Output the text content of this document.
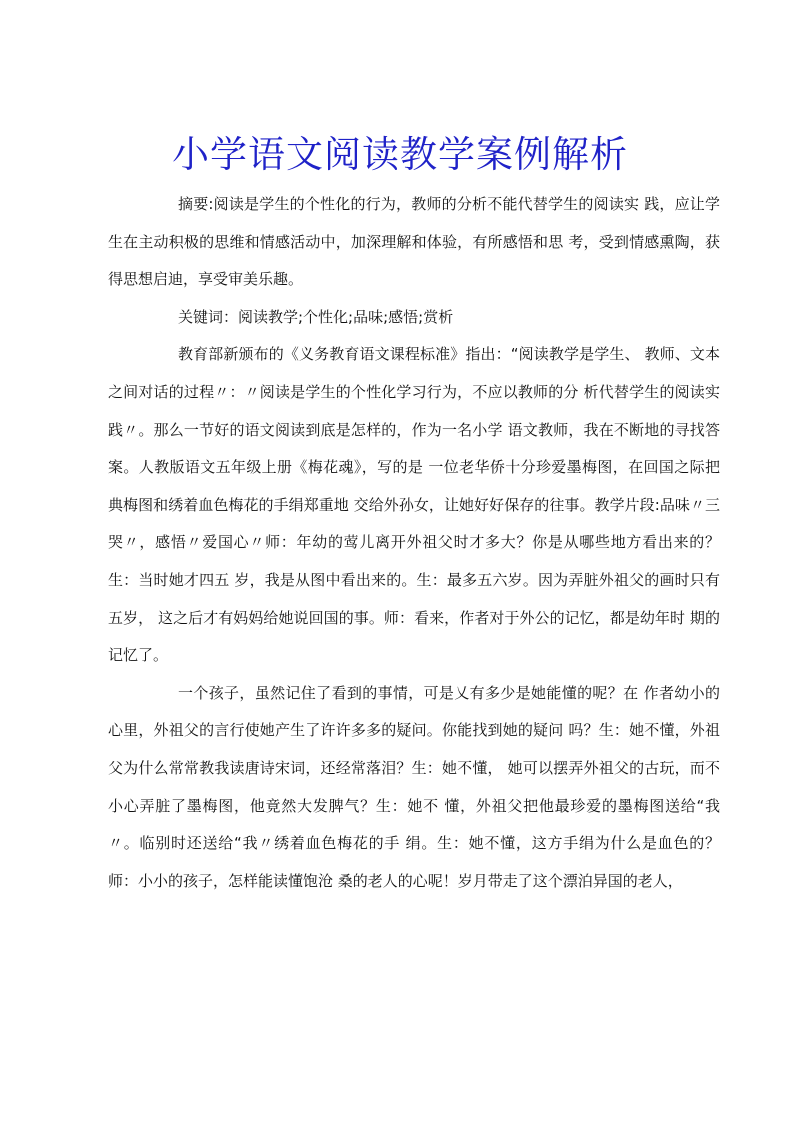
小学语文阅读教学案例解析

摘要:阅读是学生的个性化的行为，教师的分析不能代替学生的阅读实 践，应让学生在主动积极的思维和情感活动中，加深理解和体验，有所感悟和思 考，受到情感熏陶，获得思想启迪，享受审美乐趣。

关键词：阅读教学;个性化;品味;感悟;赏析

教育部新颁布的《义务教育语文课程标准》指出：“阅读教学是学生、 教师、文本之间对话的过程〃：〃阅读是学生的个性化学习行为，不应以教师的分 析代替学生的阅读实践〃。那么一节好的语文阅读到底是怎样的，作为一名小学 语文教师，我在不断地的寻找答案。人教版语文五年级上册《梅花魂》，写的是 一位老华侨十分珍爱墨梅图，在回国之际把典梅图和绣着血色梅花的手绢郑重地 交给外孙女，让她好好保存的往事。教学片段:品味〃三哭〃，感悟〃爱国心〃师：年幼的莺儿离开外祖父时才多大？你是从哪些地方看出来的？生：当时她才四五 岁，我是从图中看出来的。生：最多五六岁。因为弄脏外祖父的画时只有五岁， 这之后才有妈妈给她说回国的事。师：看来，作者对于外公的记忆，都是幼年时 期的记忆了。

一个孩子，虽然记住了看到的事情，可是乂有多少是她能懂的呢？在 作者幼小的心里，外祖父的言行使她产生了许许多多的疑问。你能找到她的疑问 吗？生：她不懂，外祖父为什么常常教我读唐诗宋词，还经常落泪？生：她不懂， 她可以摆弄外祖父的古玩，而不小心弄脏了墨梅图，他竟然大发脾气？生：她不 懂，外祖父把他最珍爱的墨梅图送给“我〃。临别时还送给“我〃绣着血色梅花的手 绢。生：她不懂，这方手绢为什么是血色的？师：小小的孩子，怎样能读懂饱沧 桑的老人的心呢！岁月带走了这个漂泊异国的老人，
